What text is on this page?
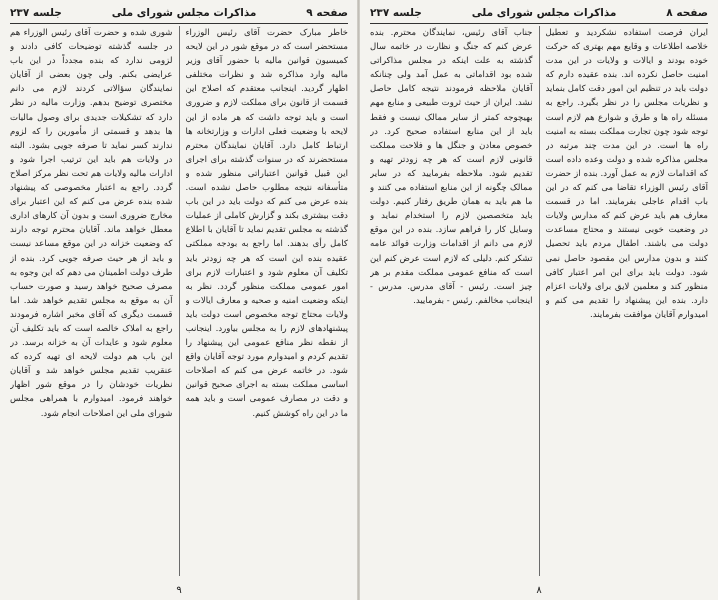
صفحه ۹
مذاکرات مجلس شورای ملی
جلسه ۲۳۷

شوری شده و حضرت آقای رئیس الوزراء هم در جلسه گذشته توضیحات کافی دادند و لزومی ندارد که بنده مجدداً در این باب عرایضی بکنم. ولی چون بعضی از آقایان نمایندگان سؤالاتی کردند لازم می دانم مختصری توضیح بدهم. وزارت مالیه در نظر دارد که تشکیلات جدیدی برای وصول مالیات ها بدهد و قسمتی از مأمورین را که لزوم ندارند کسر نماید تا صرفه جویی بشود. البته در ولایات هم باید این ترتیب اجرا شود و ادارات مالیه ولایات هم تحت نظر مرکز اصلاح گردد. راجع به اعتبار مخصوصی که پیشنهاد شده بنده عرض می کنم که این اعتبار برای مخارج ضروری است و بدون آن کارهای اداری معطل خواهد ماند. آقایان محترم توجه دارند که وضعیت خزانه در این موقع مساعد نیست و باید از هر حیث صرفه جویی کرد. بنده از طرف دولت اطمینان می دهم که این وجوه به مصرف صحیح خواهد رسید و صورت حساب آن به موقع به مجلس تقدیم خواهد شد. اما قسمت دیگری که آقای مخبر اشاره فرمودند راجع به املاک خالصه است که باید تکلیف آن معلوم شود و عایدات آن به خزانه برسد. در این باب هم دولت لایحه ای تهیه کرده که عنقریب تقدیم مجلس خواهد شد و آقایان نظریات خودشان را در موقع شور اظهار خواهند فرمود. امیدوارم با همراهی مجلس شورای ملی این اصلاحات انجام شود.

خاطر مبارک حضرت آقای رئیس الوزراء مستحضر است که در موقع شور در این لایحه کمیسیون قوانین مالیه با حضور آقای وزیر مالیه وارد مذاکره شد و نظرات مختلفی اظهار گردید. اینجانب معتقدم که اصلاح این قسمت از قانون برای مملکت لازم و ضروری است و باید توجه داشت که هر ماده از این لایحه با وضعیت فعلی ادارات و وزارتخانه ها ارتباط کامل دارد. آقایان نمایندگان محترم مستحضرند که در سنوات گذشته برای اجرای این قبیل قوانین اعتباراتی منظور شده و متأسفانه نتیجه مطلوب حاصل نشده است. بنده عرض می کنم که دولت باید در این باب دقت بیشتری بکند و گزارش کاملی از عملیات گذشته به مجلس تقدیم نماید تا آقایان با اطلاع کامل رأی بدهند. اما راجع به بودجه مملکتی عقیده بنده این است که هر چه زودتر باید تکلیف آن معلوم شود و اعتبارات لازم برای امور عمومی مملکت منظور گردد. نظر به اینکه وضعیت امنیه و صحیه و معارف ایالات و ولایات محتاج توجه مخصوص است دولت باید پیشنهادهای لازم را به مجلس بیاورد. اینجانب از نقطه نظر منافع عمومی این پیشنهاد را تقدیم کردم و امیدوارم مورد توجه آقایان واقع شود. در خاتمه عرض می کنم که اصلاحات اساسی مملکت بسته به اجرای صحیح قوانین و دقت در مصارف عمومی است و باید همه ما در این راه کوشش کنیم.

۹
صفحه ۸
مذاکرات مجلس شورای ملی
جلسه ۲۳۷

جناب آقای رئیس، نمایندگان محترم. بنده عرض کنم که جنگ و نظارت در خاتمه سال گذشته به علت اینکه در مجلس مذاکراتی شده بود اقداماتی به عمل آمد ولی چنانکه آقایان ملاحظه فرمودند نتیجه کامل حاصل نشد. ایران از حیث ثروت طبیعی و منابع مهم بهیچوجه کمتر از سایر ممالک نیست و فقط باید از این منابع استفاده صحیح کرد. در خصوص معادن و جنگل ها و فلاحت مملکت قانونی لازم است که هر چه زودتر تهیه و تقدیم شود. ملاحظه بفرمایید که در سایر ممالک چگونه از این منابع استفاده می کنند و ما هم باید به همان طریق رفتار کنیم. دولت باید متخصصین لازم را استخدام نماید و وسایل کار را فراهم سازد. بنده در این موقع لازم می دانم از اقدامات وزارت فوائد عامه تشکر کنم. دلیلی که لازم است عرض کنم این است که منافع عمومی مملکت مقدم بر هر چیز است. رئیس - آقای مدرس. مدرس - اینجانب مخالفم. رئیس - بفرمایید.

ایران فرصت استفاده نشکردید و تعطیل خلاصه اطلاعات و وقایع مهم بهتری که حرکت خوده بودند و ایالات و ولایات در این مدت امنیت حاصل نکرده اند. بنده عقیده دارم که دولت باید در تنظیم این امور دقت کامل بنماید و نظریات مجلس را در نظر بگیرد. راجع به مسئله راه ها و طرق و شوارع هم لازم است توجه شود چون تجارت مملکت بسته به امنیت راه ها است. در این مدت چند مرتبه در مجلس مذاکره شده و دولت وعده داده است که اقدامات لازم به عمل آورد. بنده از حضرت آقای رئیس الوزراء تقاضا می کنم که در این باب اقدام عاجلی بفرمایند. اما در قسمت معارف هم باید عرض کنم که مدارس ولایات در وضعیت خوبی نیستند و محتاج مساعدت دولت می باشند. اطفال مردم باید تحصیل کنند و بدون مدارس این مقصود حاصل نمی شود. دولت باید برای این امر اعتبار کافی منظور کند و معلمین لایق برای ولایات اعزام دارد. بنده این پیشنهاد را تقدیم می کنم و امیدوارم آقایان موافقت بفرمایند.

۸
